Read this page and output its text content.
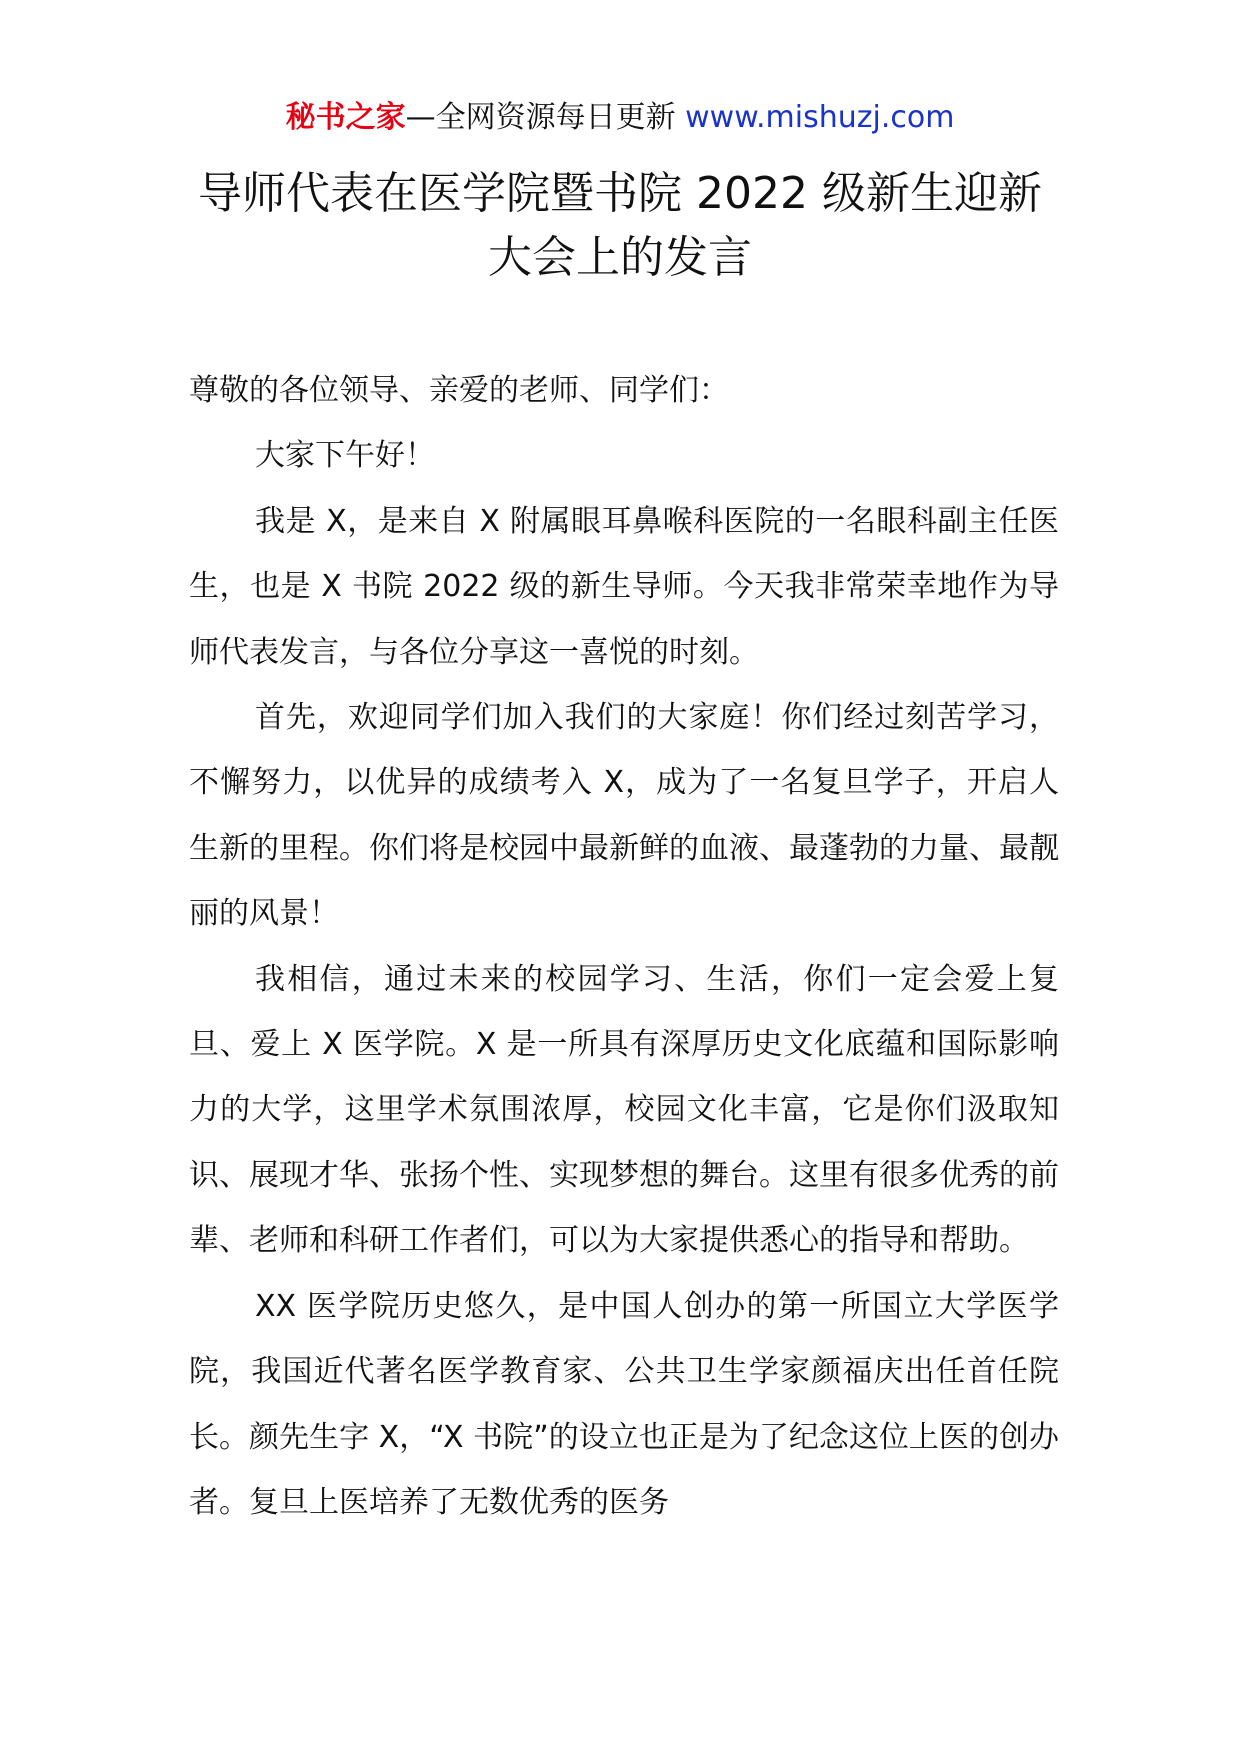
秘书之家—全网资源每日更新 www.mishuzj.com
导师代表在医学院暨书院 2022 级新生迎新大会上的发言

尊敬的各位领导、亲爱的老师、同学们：

大家下午好！

我是 X，是来自 X 附属眼耳鼻喉科医院的一名眼科副主任医生，也是 X 书院 2022 级的新生导师。今天我非常荣幸地作为导师代表发言，与各位分享这一喜悦的时刻。

首先，欢迎同学们加入我们的大家庭！你们经过刻苦学习，不懈努力，以优异的成绩考入 X，成为了一名复旦学子，开启人生新的里程。你们将是校园中最新鲜的血液、最蓬勃的力量、最靓丽的风景！

我相信，通过未来的校园学习、生活，你们一定会爱上复旦、爱上 X 医学院。X 是一所具有深厚历史文化底蕴和国际影响力的大学，这里学术氛围浓厚，校园文化丰富，它是你们汲取知识、展现才华、张扬个性、实现梦想的舞台。这里有很多优秀的前辈、老师和科研工作者们，可以为大家提供悉心的指导和帮助。

XX 医学院历史悠久，是中国人创办的第一所国立大学医学院，我国近代著名医学教育家、公共卫生学家颜福庆出任首任院长。颜先生字 X，“X 书院”的设立也正是为了纪念这位上医的创办者。复旦上医培养了无数优秀的医务
